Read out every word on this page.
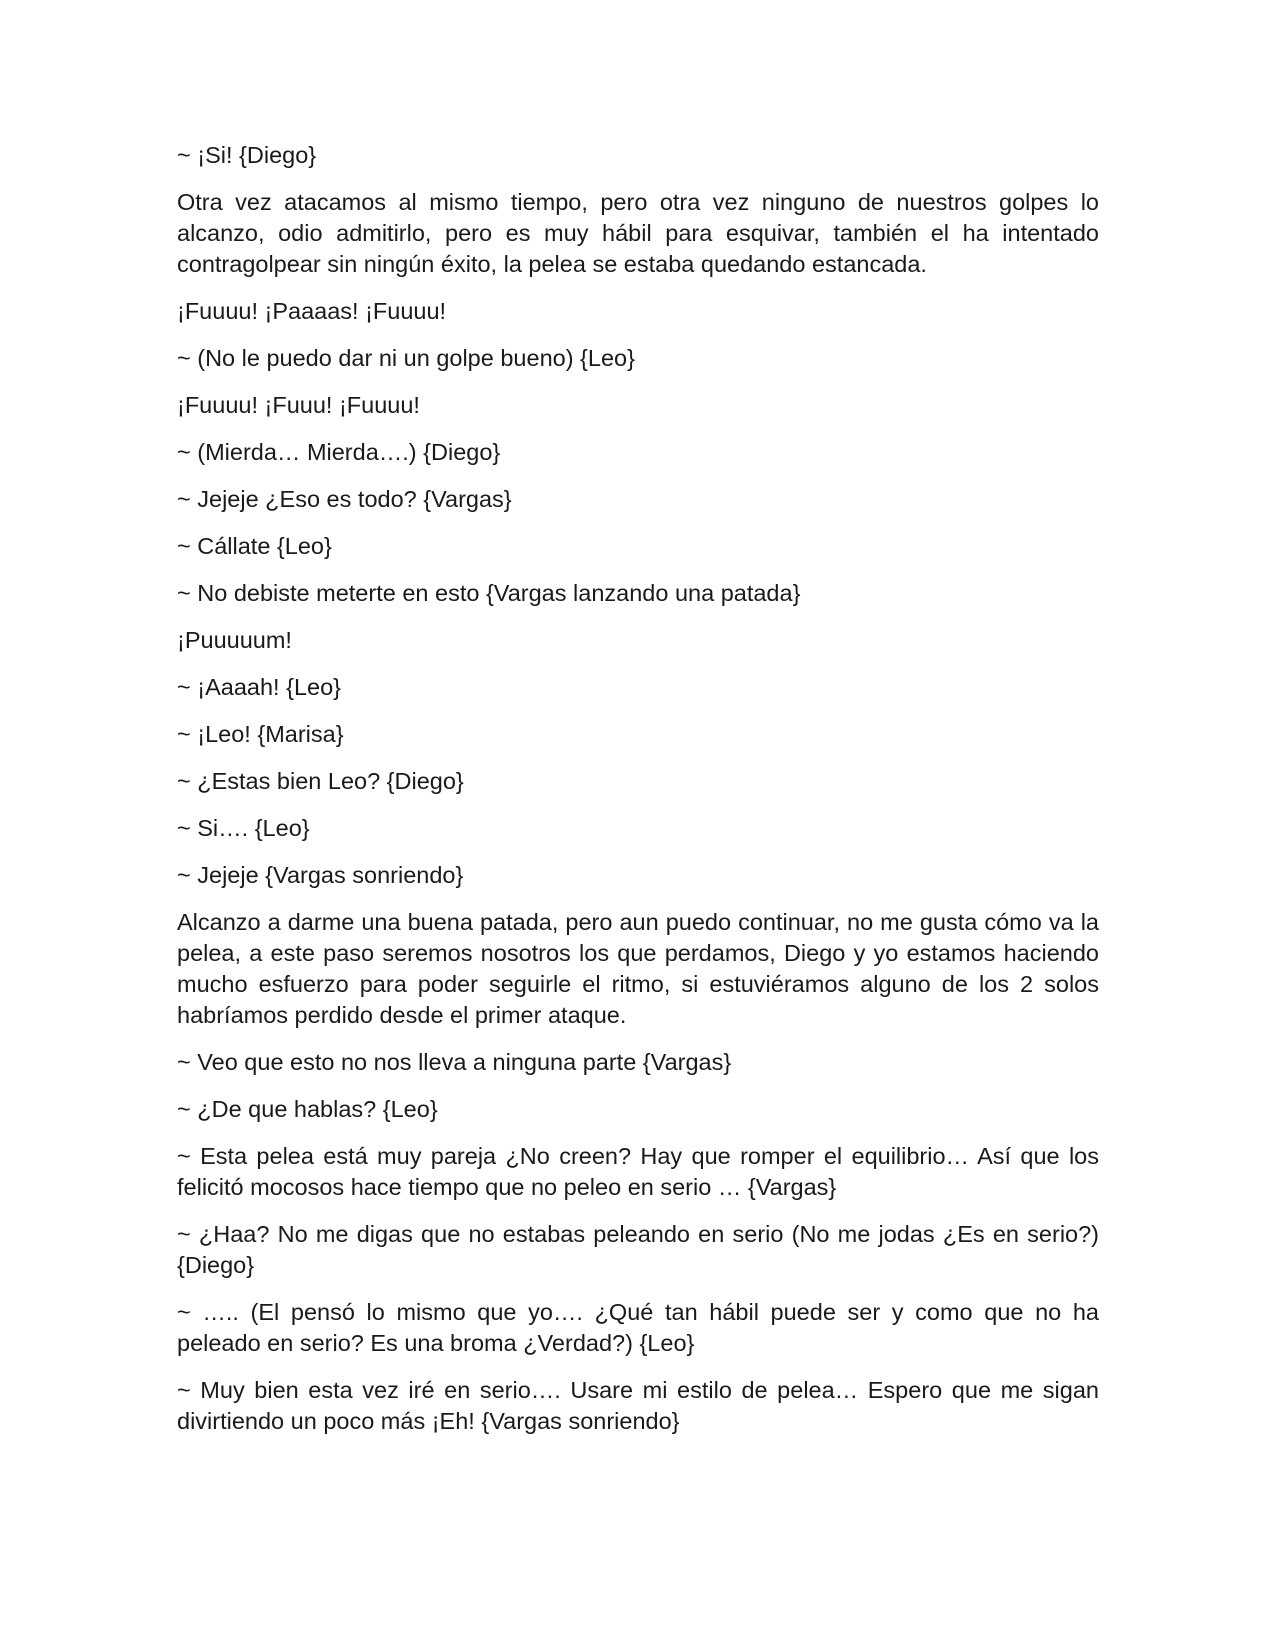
~ ¡Si! {Diego}

Otra vez atacamos al mismo tiempo, pero otra vez ninguno de nuestros golpes lo alcanzo, odio admitirlo, pero es muy hábil para esquivar, también el ha intentado contragolpear sin ningún éxito, la pelea se estaba quedando estancada.

¡Fuuuu! ¡Paaaas! ¡Fuuuu!

~ (No le puedo dar ni un golpe bueno) {Leo}

¡Fuuuu! ¡Fuuu! ¡Fuuuu!

~ (Mierda… Mierda….) {Diego}

~ Jejeje ¿Eso es todo? {Vargas}

~ Cállate {Leo}

~ No debiste meterte en esto {Vargas lanzando una patada}

¡Puuuuum!

~ ¡Aaaah! {Leo}

~ ¡Leo! {Marisa}

~ ¿Estas bien Leo? {Diego}

~ Si…. {Leo}

~ Jejeje {Vargas sonriendo}

Alcanzo a darme una buena patada, pero aun puedo continuar, no me gusta cómo va la pelea, a este paso seremos nosotros los que perdamos, Diego y yo estamos haciendo mucho esfuerzo para poder seguirle el ritmo, si estuviéramos alguno de los 2 solos habríamos perdido desde el primer ataque.

~ Veo que esto no nos lleva a ninguna parte {Vargas}

~ ¿De que hablas? {Leo}

~ Esta pelea está muy pareja ¿No creen? Hay que romper el equilibrio… Así que los felicitó mocosos hace tiempo que no peleo en serio … {Vargas}

~ ¿Haa? No me digas que no estabas peleando en serio (No me jodas ¿Es en serio?) {Diego}

~ ….. (El pensó lo mismo que yo…. ¿Qué tan hábil puede ser y como que no ha peleado en serio? Es una broma ¿Verdad?) {Leo}

~ Muy bien esta vez iré en serio…. Usare mi estilo de pelea… Espero que me sigan divirtiendo un poco más ¡Eh! {Vargas sonriendo}
